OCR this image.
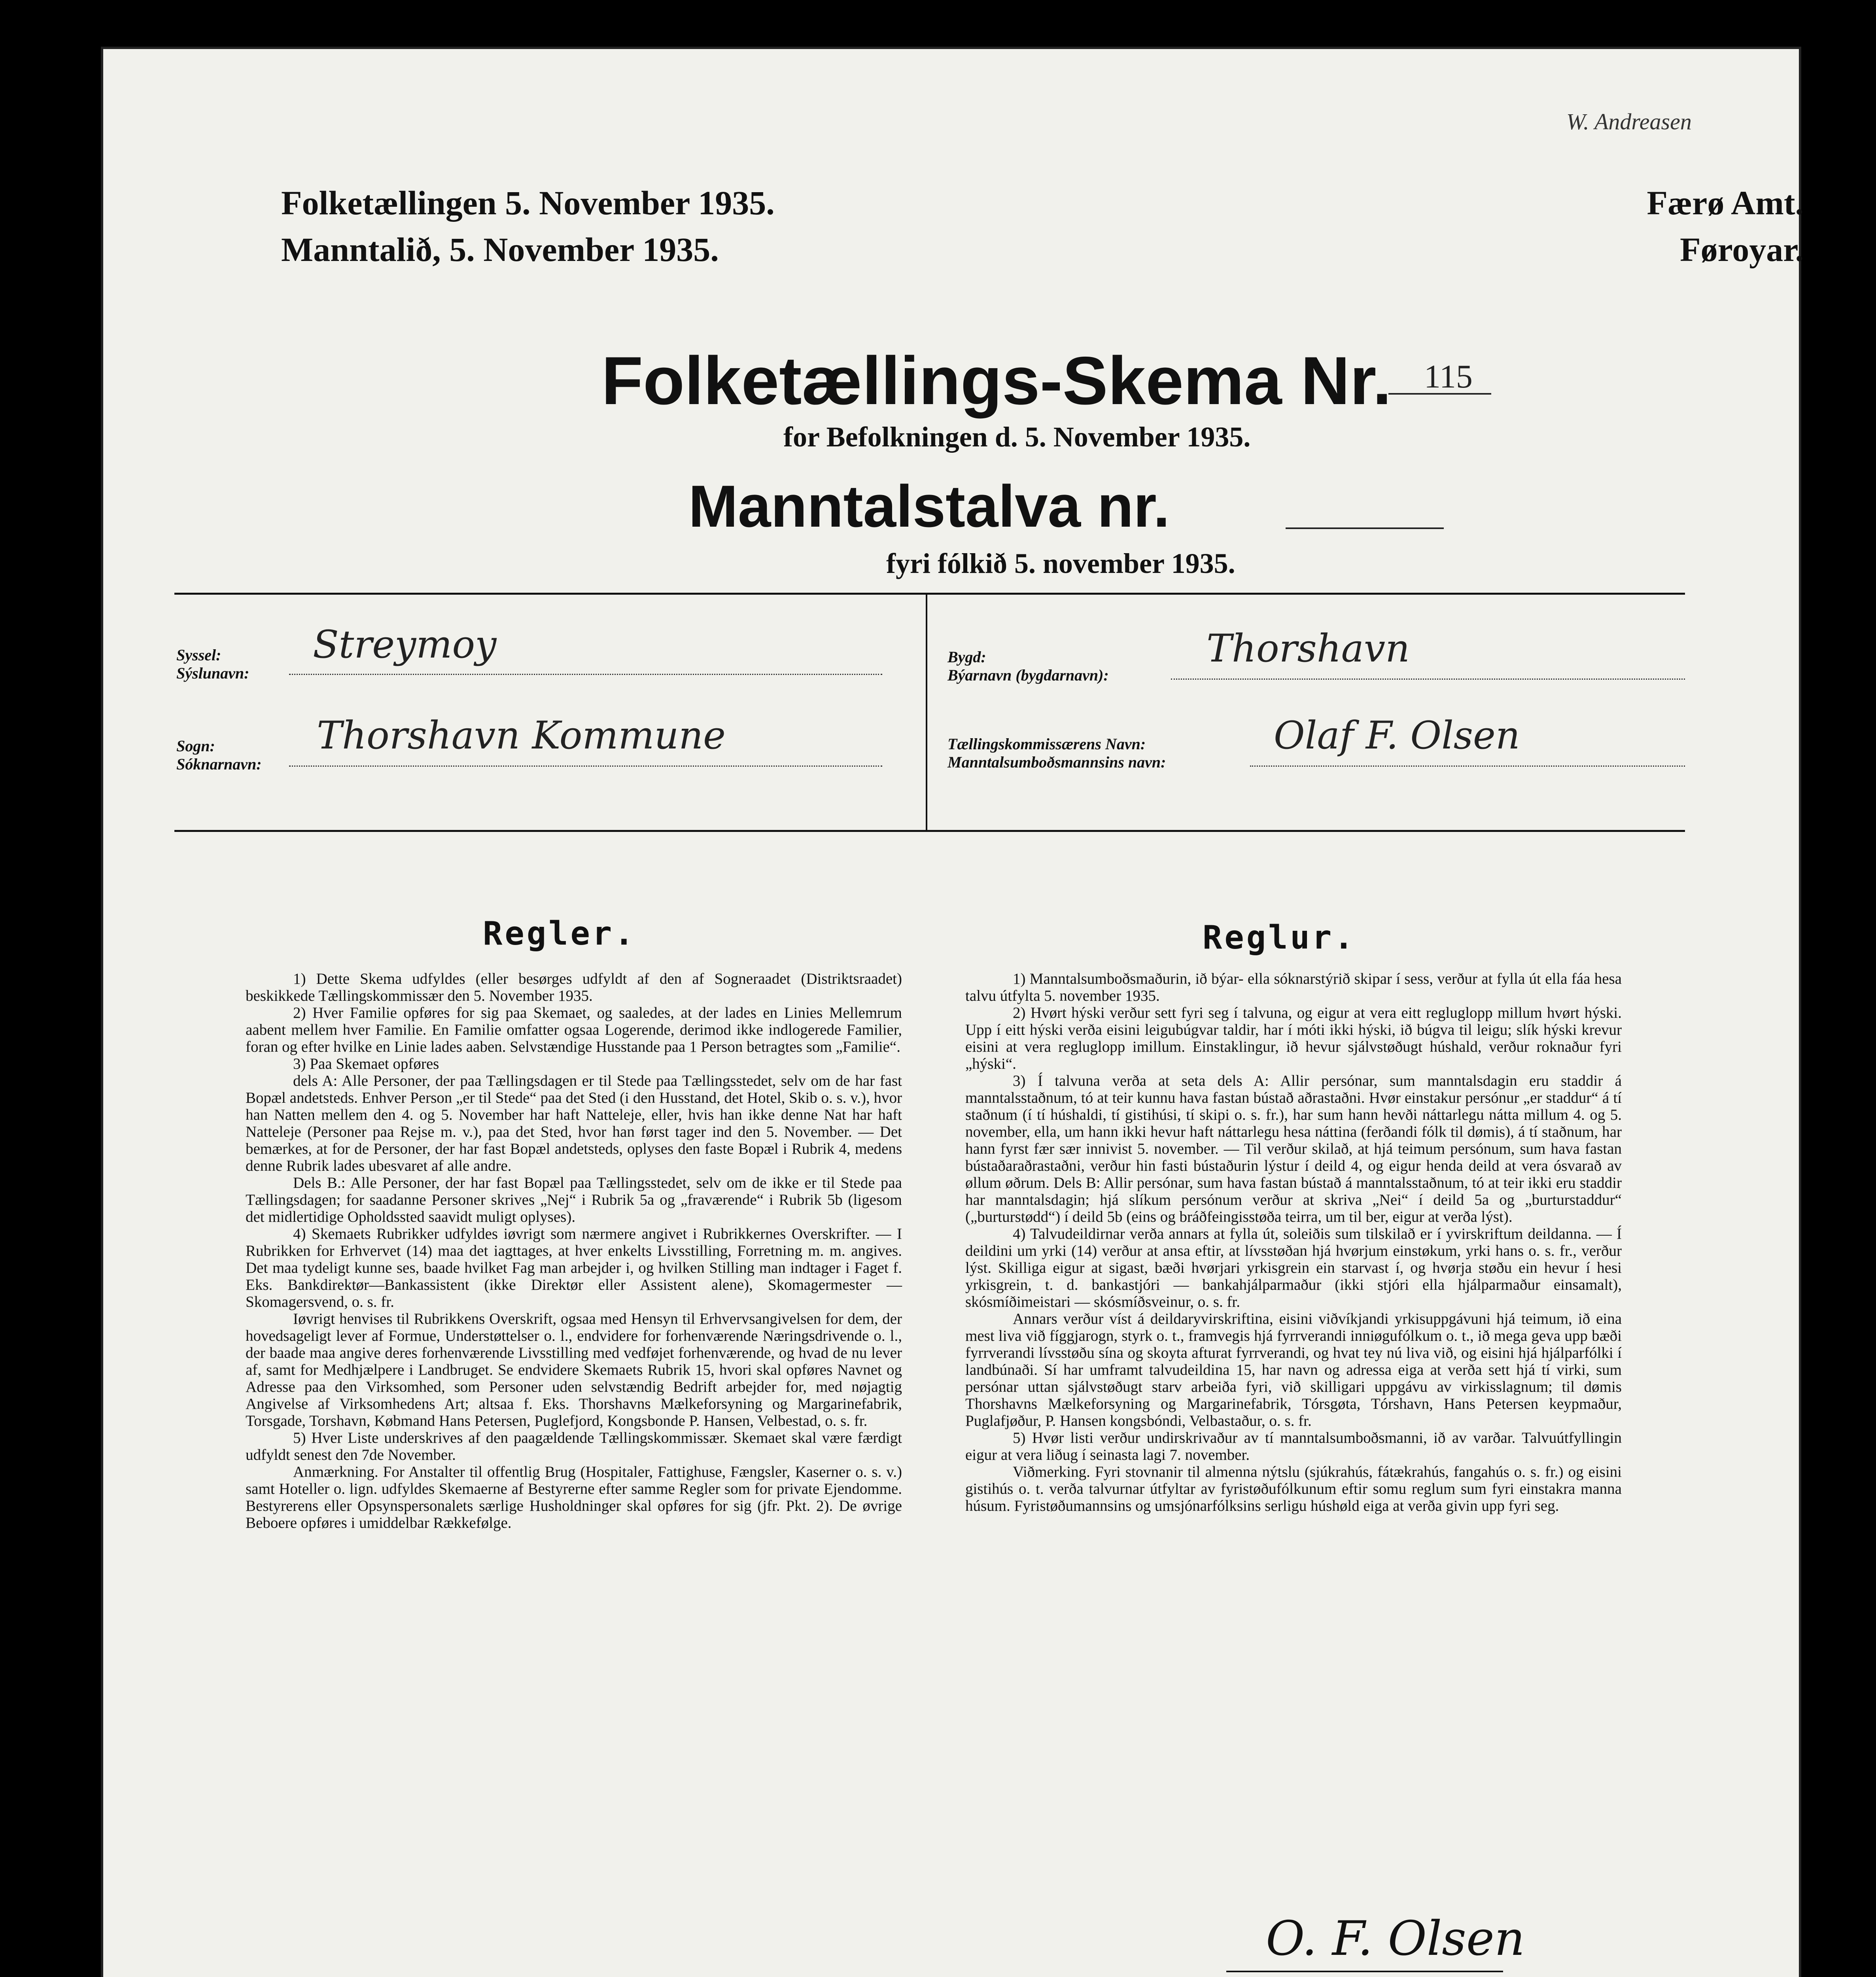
W. Andreasen
Folketællingen 5. November 1935.
Manntalið, 5. November 1935.
Færø Amt.
Føroyar.
Folketællings-Skema Nr. 115
for Befolkningen d. 5. November 1935.
Manntalstalva nr.
fyri fólkið 5. november 1935.
Syssel:
Sýslunavn:
Streymoy
Sogn:
Sóknarnavn:
Thorshavn Kommune
Bygd:
Býarnavn (bygdarnavn):
Thorshavn
Tællingskommissærens Navn:
Manntalsumboðsmannsins navn:
Olaf F. Olsen
Regler.

1) Dette Skema udfyldes (eller besørges udfyldt af den af Sogneraadet (Distriktsraadet) beskikkede Tællingskommissær den 5. November 1935.

2) Hver Familie opføres for sig paa Skemaet, og saaledes, at der lades en Linies Mellemrum aabent mellem hver Familie. En Familie omfatter ogsaa Logerende, derimod ikke indlogerede Familier, foran og efter hvilke en Linie lades aaben. Selvstændige Husstande paa 1 Person betragtes som „Familie“.

3) Paa Skemaet opføres

dels A: Alle Personer, der paa Tællingsdagen er til Stede paa Tællingsstedet, selv om de har fast Bopæl andetsteds. Enhver Person „er til Stede“ paa det Sted (i den Husstand, det Hotel, Skib o. s. v.), hvor han Natten mellem den 4. og 5. November har haft Natteleje, eller, hvis han ikke denne Nat har haft Natteleje (Personer paa Rejse m. v.), paa det Sted, hvor han først tager ind den 5. November. — Det bemærkes, at for de Personer, der har fast Bopæl andetsteds, oplyses den faste Bopæl i Rubrik 4, medens denne Rubrik lades ubesvaret af alle andre.

Dels B.: Alle Personer, der har fast Bopæl paa Tællingsstedet, selv om de ikke er til Stede paa Tællingsdagen; for saadanne Personer skrives „Nej“ i Rubrik 5a og „fraværende“ i Rubrik 5b (ligesom det midlertidige Opholdssted saavidt muligt oplyses).

4) Skemaets Rubrikker udfyldes iøvrigt som nærmere angivet i Rubrikkernes Overskrifter. — I Rubrikken for Erhvervet (14) maa det iagttages, at hver enkelts Livsstilling, Forretning m. m. angives. Det maa tydeligt kunne ses, baade hvilket Fag man arbejder i, og hvilken Stilling man indtager i Faget f. Eks. Bankdirektør—Bankassistent (ikke Direktør eller Assistent alene), Skomagermester — Skomagersvend, o. s. fr.

Iøvrigt henvises til Rubrikkens Overskrift, ogsaa med Hensyn til Erhvervsangivelsen for dem, der hovedsageligt lever af Formue, Understøttelser o. l., endvidere for forhenværende Næringsdrivende o. l., der baade maa angive deres forhenværende Livsstilling med vedføjet forhenværende, og hvad de nu lever af, samt for Medhjælpere i Landbruget. Se endvidere Skemaets Rubrik 15, hvori skal opføres Navnet og Adresse paa den Virksomhed, som Personer uden selvstændig Bedrift arbejder for, med nøjagtig Angivelse af Virksomhedens Art; altsaa f. Eks. Thorshavns Mælkeforsyning og Margarinefabrik, Torsgade, Torshavn, Købmand Hans Petersen, Puglefjord, Kongsbonde P. Hansen, Velbestad, o. s. fr.

5) Hver Liste underskrives af den paagældende Tællingskommissær. Skemaet skal være færdigt udfyldt senest den 7de November.

Anmærkning. For Anstalter til offentlig Brug (Hospitaler, Fattighuse, Fængsler, Kaserner o. s. v.) samt Hoteller o. lign. udfyldes Skemaerne af Bestyrerne efter samme Regler som for private Ejendomme. Bestyrerens eller Opsynspersonalets særlige Husholdninger skal opføres for sig (jfr. Pkt. 2). De øvrige Beboere opføres i umiddelbar Rækkefølge.

Reglur.

1) Manntalsumboðsmaðurin, ið býar- ella sóknarstýrið skipar í sess, verður at fylla út ella fáa hesa talvu útfylta 5. november 1935.

2) Hvørt hýski verður sett fyri seg í talvuna, og eigur at vera eitt regluglopp millum hvørt hýski. Upp í eitt hýski verða eisini leigubúgvar taldir, har í móti ikki hýski, ið búgva til leigu; slík hýski krevur eisini at vera regluglopp imillum. Einstaklingur, ið hevur sjálvstøðugt húshald, verður roknaður fyri „hýski“.

3) Í talvuna verða at seta dels A: Allir persónar, sum manntalsdagin eru staddir á manntalsstaðnum, tó at teir kunnu hava fastan bústað aðrastaðni. Hvør einstakur persónur „er staddur“ á tí staðnum (í tí húshaldi, tí gistihúsi, tí skipi o. s. fr.), har sum hann hevði náttarlegu nátta millum 4. og 5. november, ella, um hann ikki hevur haft náttarlegu hesa náttina (ferðandi fólk til dømis), á tí staðnum, har hann fyrst fær sær innivist 5. november. — Til verður skilað, at hjá teimum persónum, sum hava fastan bústaðaraðrastaðni, verður hin fasti bústaðurin lýstur í deild 4, og eigur henda deild at vera ósvarað av øllum øðrum. Dels B: Allir persónar, sum hava fastan bústað á manntalsstaðnum, tó at teir ikki eru staddir har manntalsdagin; hjá slíkum persónum verður at skriva „Nei“ í deild 5a og „burturstaddur“ („burturstødd“) í deild 5b (eins og bráðfeingisstøða teirra, um til ber, eigur at verða lýst).

4) Talvudeildirnar verða annars at fylla út, soleiðis sum tilskilað er í yvirskriftum deildanna. — Í deildini um yrki (14) verður at ansa eftir, at lívsstøðan hjá hvørjum einstøkum, yrki hans o. s. fr., verður lýst. Skilliga eigur at sigast, bæði hvørjari yrkisgrein ein starvast í, og hvørja støðu ein hevur í hesi yrkisgrein, t. d. bankastjóri — bankahjálparmaður (ikki stjóri ella hjálparmaður einsamalt), skósmíðimeistari — skósmíðsveinur, o. s. fr.

Annars verður víst á deildaryvirskriftina, eisini viðvíkjandi yrkisuppgávuni hjá teimum, ið eina mest liva við fíggjarogn, styrk o. t., framvegis hjá fyrrverandi inniøgufólkum o. t., ið mega geva upp bæði fyrrverandi lívsstøðu sína og skoyta afturat fyrrverandi, og hvat tey nú liva við, og eisini hjá hjálparfólki í landbúnaði. Sí har umframt talvudeildina 15, har navn og adressa eiga at verða sett hjá tí virki, sum persónar uttan sjálvstøðugt starv arbeiða fyri, við skilligari uppgávu av virkisslagnum; til dømis Thorshavns Mælkeforsyning og Margarinefabrik, Tórsgøta, Tórshavn, Hans Petersen keypmaður, Puglafjøður, P. Hansen kongsbóndi, Velbastaður, o. s. fr.

5) Hvør listi verður undirskrivaður av tí manntalsumboðsmanni, ið av varðar. Talvuútfyllingin eigur at vera liðug í seinasta lagi 7. november.

Viðmerking. Fyri stovnanir til almenna nýtslu (sjúkrahús, fátækrahús, fangahús o. s. fr.) og eisini gistihús o. t. verða talvurnar útfyltar av fyristøðufólkunum eftir somu reglum sum fyri einstakra manna húsum. Fyristøðumannsins og umsjónarfólksins serligu húshøld eiga at verða givin upp fyri seg.

O. F. Olsen
